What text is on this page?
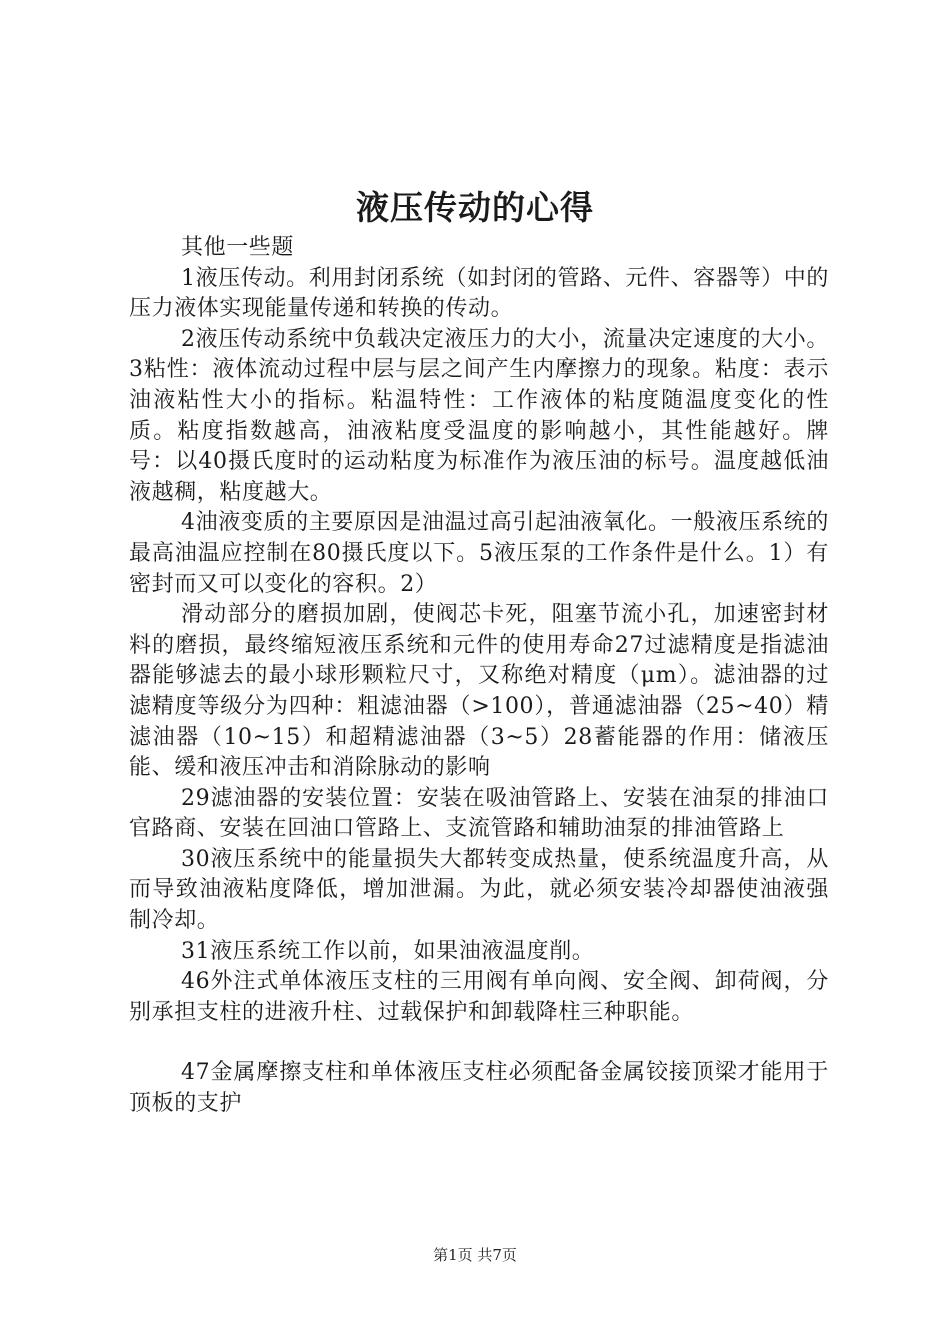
液压传动的心得

其他一些题

1液压传动。利用封闭系统（如封闭的管路、元件、容器等）中的压力液体实现能量传递和转换的传动。

2液压传动系统中负载决定液压力的大小，流量决定速度的大小。3粘性：液体流动过程中层与层之间产生内摩擦力的现象。粘度：表示油液粘性大小的指标。粘温特性：工作液体的粘度随温度变化的性质。粘度指数越高，油液粘度受温度的影响越小，其性能越好。牌号：以40摄氏度时的运动粘度为标准作为液压油的标号。温度越低油液越稠，粘度越大。

4油液变质的主要原因是油温过高引起油液氧化。一般液压系统的最高油温应控制在80摄氏度以下。5液压泵的工作条件是什么。1）有密封而又可以变化的容积。2）

滑动部分的磨损加剧，使阀芯卡死，阻塞节流小孔，加速密封材料的磨损，最终缩短液压系统和元件的使用寿命27过滤精度是指滤油器能够滤去的最小球形颗粒尺寸，又称绝对精度（μm）。滤油器的过滤精度等级分为四种：粗滤油器（>100），普通滤油器（25~40）精滤油器（10~15）和超精滤油器（3~5）28蓄能器的作用：储液压能、缓和液压冲击和消除脉动的影响

29滤油器的安装位置：安装在吸油管路上、安装在油泵的排油口官路商、安装在回油口管路上、支流管路和辅助油泵的排油管路上

30液压系统中的能量损失大都转变成热量，使系统温度升高，从而导致油液粘度降低，增加泄漏。为此，就必须安装冷却器使油液强制冷却。

31液压系统工作以前，如果油液温度削。

46外注式单体液压支柱的三用阀有单向阀、安全阀、卸荷阀，分别承担支柱的进液升柱、过载保护和卸载降柱三种职能。

47金属摩擦支柱和单体液压支柱必须配备金属铰接顶梁才能用于顶板的支护

第1页 共7页
